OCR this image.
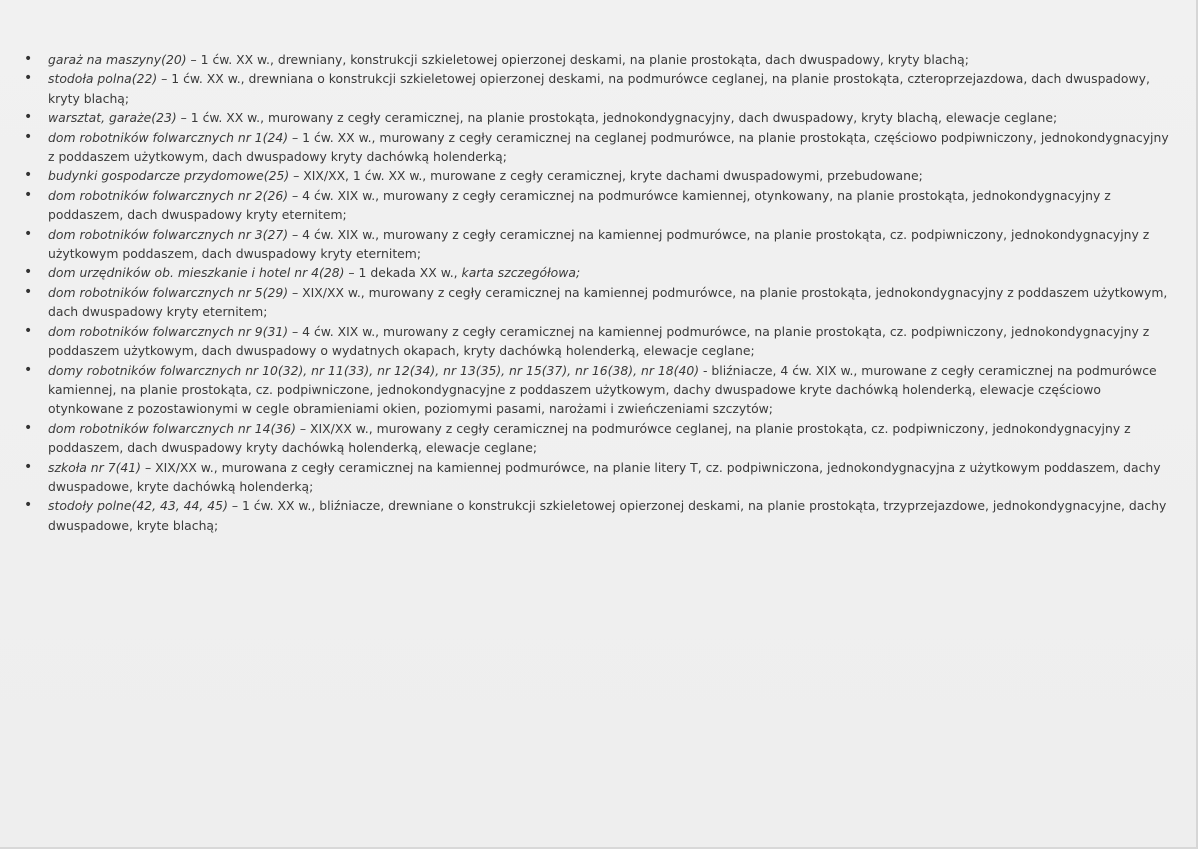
• garaż na maszyny(20) – 1 ćw. XX w., drewniany, konstrukcji szkieletowej opierzonej deskami, na planie prostokąta, dach dwuspadowy, kryty blachą;
• stodoła polna(22) – 1 ćw. XX w., drewniana o konstrukcji szkieletowej opierzonej deskami, na podmurówce ceglanej, na planie prostokąta, czteroprzejazdowa, dach dwuspadowy, kryty blachą;
• warsztat, garaże(23) – 1 ćw. XX w., murowany z cegły ceramicznej, na planie prostokąta, jednokondygnacyjny, dach dwuspadowy, kryty blachą, elewacje ceglane;
• dom robotników folwarcznych nr 1(24) – 1 ćw. XX w., murowany z cegły ceramicznej na ceglanej podmurówce, na planie prostokąta, częściowo podpiwniczony, jednokondygnacyjny z poddaszem użytkowym, dach dwuspadowy kryty dachówką holenderką;
• budynki gospodarcze przydomowe(25) – XIX/XX, 1 ćw. XX w., murowane z cegły ceramicznej, kryte dachami dwuspadowymi, przebudowane;
• dom robotników folwarcznych nr 2(26) – 4 ćw. XIX w., murowany z cegły ceramicznej na podmurówce kamiennej, otynkowany, na planie prostokąta, jednokondygnacyjny z poddaszem, dach dwuspadowy kryty eternitem;
• dom robotników folwarcznych nr 3(27) – 4 ćw. XIX w., murowany z cegły ceramicznej na kamiennej podmurówce, na planie prostokąta, cz. podpiwniczony, jednokondygnacyjny z użytkowym poddaszem, dach dwuspadowy kryty eternitem;
• dom urzędników ob. mieszkanie i hotel nr 4(28) – 1 dekada XX w., karta szczegółowa;
• dom robotników folwarcznych nr 5(29) – XIX/XX w., murowany z cegły ceramicznej na kamiennej podmurówce, na planie prostokąta, jednokondygnacyjny z poddaszem użytkowym, dach dwuspadowy kryty eternitem;
• dom robotników folwarcznych nr 9(31) – 4 ćw. XIX w., murowany z cegły ceramicznej na kamiennej podmurówce, na planie prostokąta, cz. podpiwniczony, jednokondygnacyjny z poddaszem użytkowym, dach dwuspadowy o wydatnych okapach, kryty dachówką holenderką, elewacje ceglane;
• domy robotników folwarcznych nr 10(32), nr 11(33), nr 12(34), nr 13(35), nr 15(37), nr 16(38), nr 18(40) - bliźniacze, 4 ćw. XIX w., murowane z cegły ceramicznej na podmurówce kamiennej, na planie prostokąta, cz. podpiwniczone, jednokondygnacyjne z poddaszem użytkowym, dachy dwuspadowe kryte dachówką holenderką, elewacje częściowo otynkowane z pozostawionymi w cegle obramieniami okien, poziomymi pasami, narożami i zwieńczeniami szczytów;
• dom robotników folwarcznych nr 14(36) – XIX/XX w., murowany z cegły ceramicznej na podmurówce ceglanej, na planie prostokąta, cz. podpiwniczony, jednokondygnacyjny z poddaszem, dach dwuspadowy kryty dachówką holenderką, elewacje ceglane;
• szkoła nr 7(41) – XIX/XX w., murowana z cegły ceramicznej na kamiennej podmurówce, na planie litery T, cz. podpiwniczona, jednokondygnacyjna z użytkowym poddaszem, dachy dwuspadowe, kryte dachówką holenderką;
• stodoły polne(42, 43, 44, 45) – 1 ćw. XX w., bliźniacze, drewniane o konstrukcji szkieletowej opierzonej deskami, na planie prostokąta, trzyprzejazdowe, jednokondygnacyjne, dachy dwuspadowe, kryte blachą;
